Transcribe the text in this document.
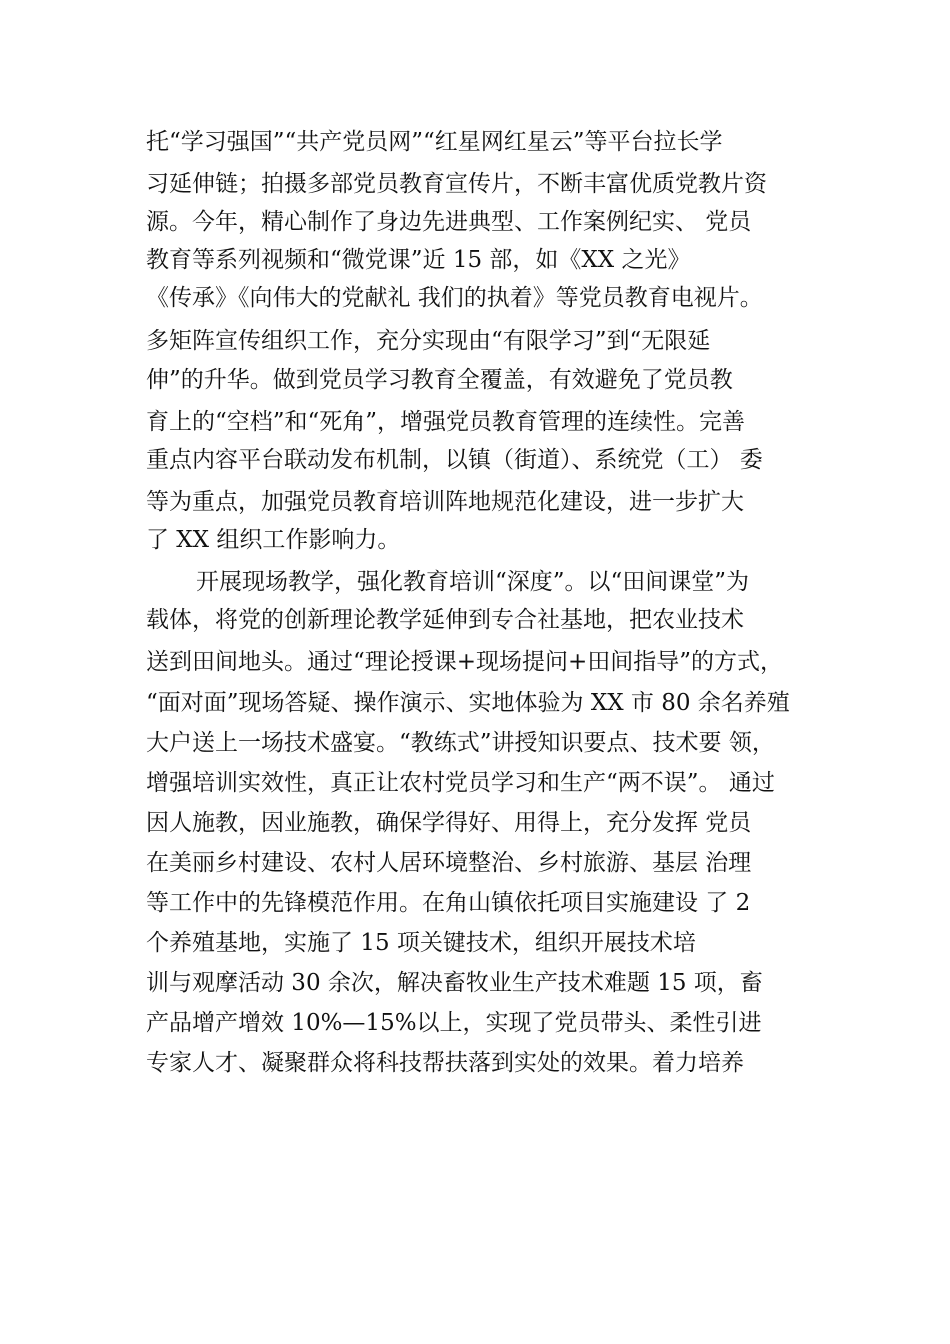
托“学习强国”“共产党员网”“红星网红星云”等平台拉长学
习延伸链；拍摄多部党员教育宣传片，不断丰富优质党教片资
源。今年，精心制作了身边先进典型、工作案例纪实、 党员
教育等系列视频和“微党课”近 15 部，如《XX 之光》
《传承》《向伟大的党献礼 我们的执着》等党员教育电视片。
多矩阵宣传组织工作，充分实现由“有限学习”到“无限延
伸”的升华。做到党员学习教育全覆盖，有效避免了党员教
育上的“空档”和“死角”，增强党员教育管理的连续性。完善
重点内容平台联动发布机制，以镇（街道）、系统党（工） 委
等为重点，加强党员教育培训阵地规范化建设，进一步扩大
了 XX 组织工作影响力。
开展现场教学，强化教育培训“深度”。以“田间课堂”为
载体，将党的创新理论教学延伸到专合社基地，把农业技术
送到田间地头。通过“理论授课+现场提问+田间指导”的方式，
“面对面”现场答疑、操作演示、实地体验为 XX 市 80 余名养殖
大户送上一场技术盛宴。“教练式”讲授知识要点、技术要 领，
增强培训实效性，真正让农村党员学习和生产“两不误”。 通过
因人施教，因业施教，确保学得好、用得上，充分发挥 党员
在美丽乡村建设、农村人居环境整治、乡村旅游、基层 治理
等工作中的先锋模范作用。在角山镇依托项目实施建设 了 2
个养殖基地，实施了 15 项关键技术，组织开展技术培
训与观摩活动 30 余次，解决畜牧业生产技术难题 15 项，畜
产品增产增效 10%—15%以上，实现了党员带头、柔性引进
专家人才、凝聚群众将科技帮扶落到实处的效果。着力培养
